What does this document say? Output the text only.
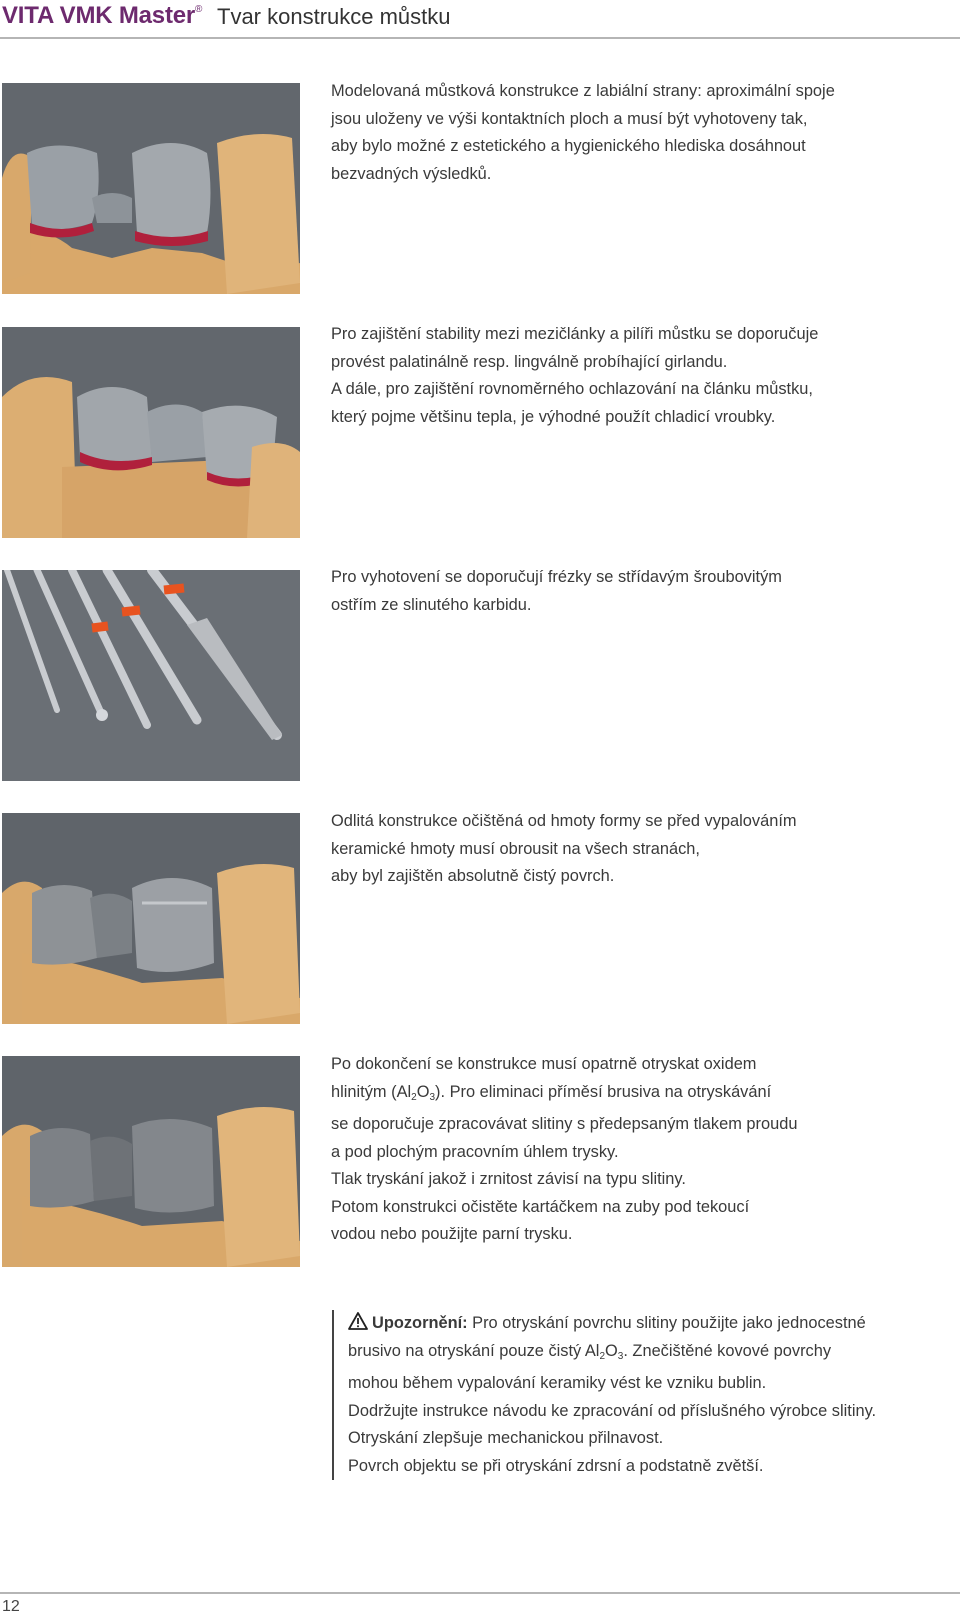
VITA VMK Master® Tvar konstrukce můstku

Modelovaná můstková konstrukce z labiální strany: aproximální spoje

jsou uloženy ve výši kontaktních ploch a musí být vyhotoveny tak,

aby bylo možné z estetického a hygienického hlediska dosáhnout

bezvadných výsledků.

Pro zajištění stability mezi mezičlánky a pilíři můstku se doporučuje

provést palatinálně resp. lingválně probíhající girlandu.

A dále, pro zajištění rovnoměrného ochlazování na článku můstku,

který pojme většinu tepla, je výhodné použít chladicí vroubky.

Pro vyhotovení se doporučují frézky se střídavým šroubovitým

ostřím ze slinutého karbidu.

Odlitá konstrukce očištěná od hmoty formy se před vypalováním

keramické hmoty musí obrousit na všech stranách,

aby byl zajištěn absolutně čistý povrch.

Po dokončení se konstrukce musí opatrně otryskat oxidem

hlinitým $(Al_2O_3)$. Pro eliminaci příměsí brusiva na otryskávání

se doporučuje zpracovávat slitiny s předepsaným tlakem proudu

a pod plochým pracovním úhlem trysky.

Tlak tryskání jakož i zrnitost závisí na typu slitiny.

Potom konstrukci očistěte kartáčkem na zuby pod tekoucí

vodou nebo použijte parní trysku.

Upozornění: Pro otryskání povrchu slitiny použijte jako jednocestné

brusivo na otryskání pouze čistý $Al_2O_3$. Znečištěné kovové povrchy

mohou během vypalování keramiky vést ke vzniku bublin.

Dodržujte instrukce návodu ke zpracování od příslušného výrobce slitiny.

Otryskání zlepšuje mechanickou přilnavost.

Povrch objektu se při otryskání zdrsní a podstatně zvětší.

12
